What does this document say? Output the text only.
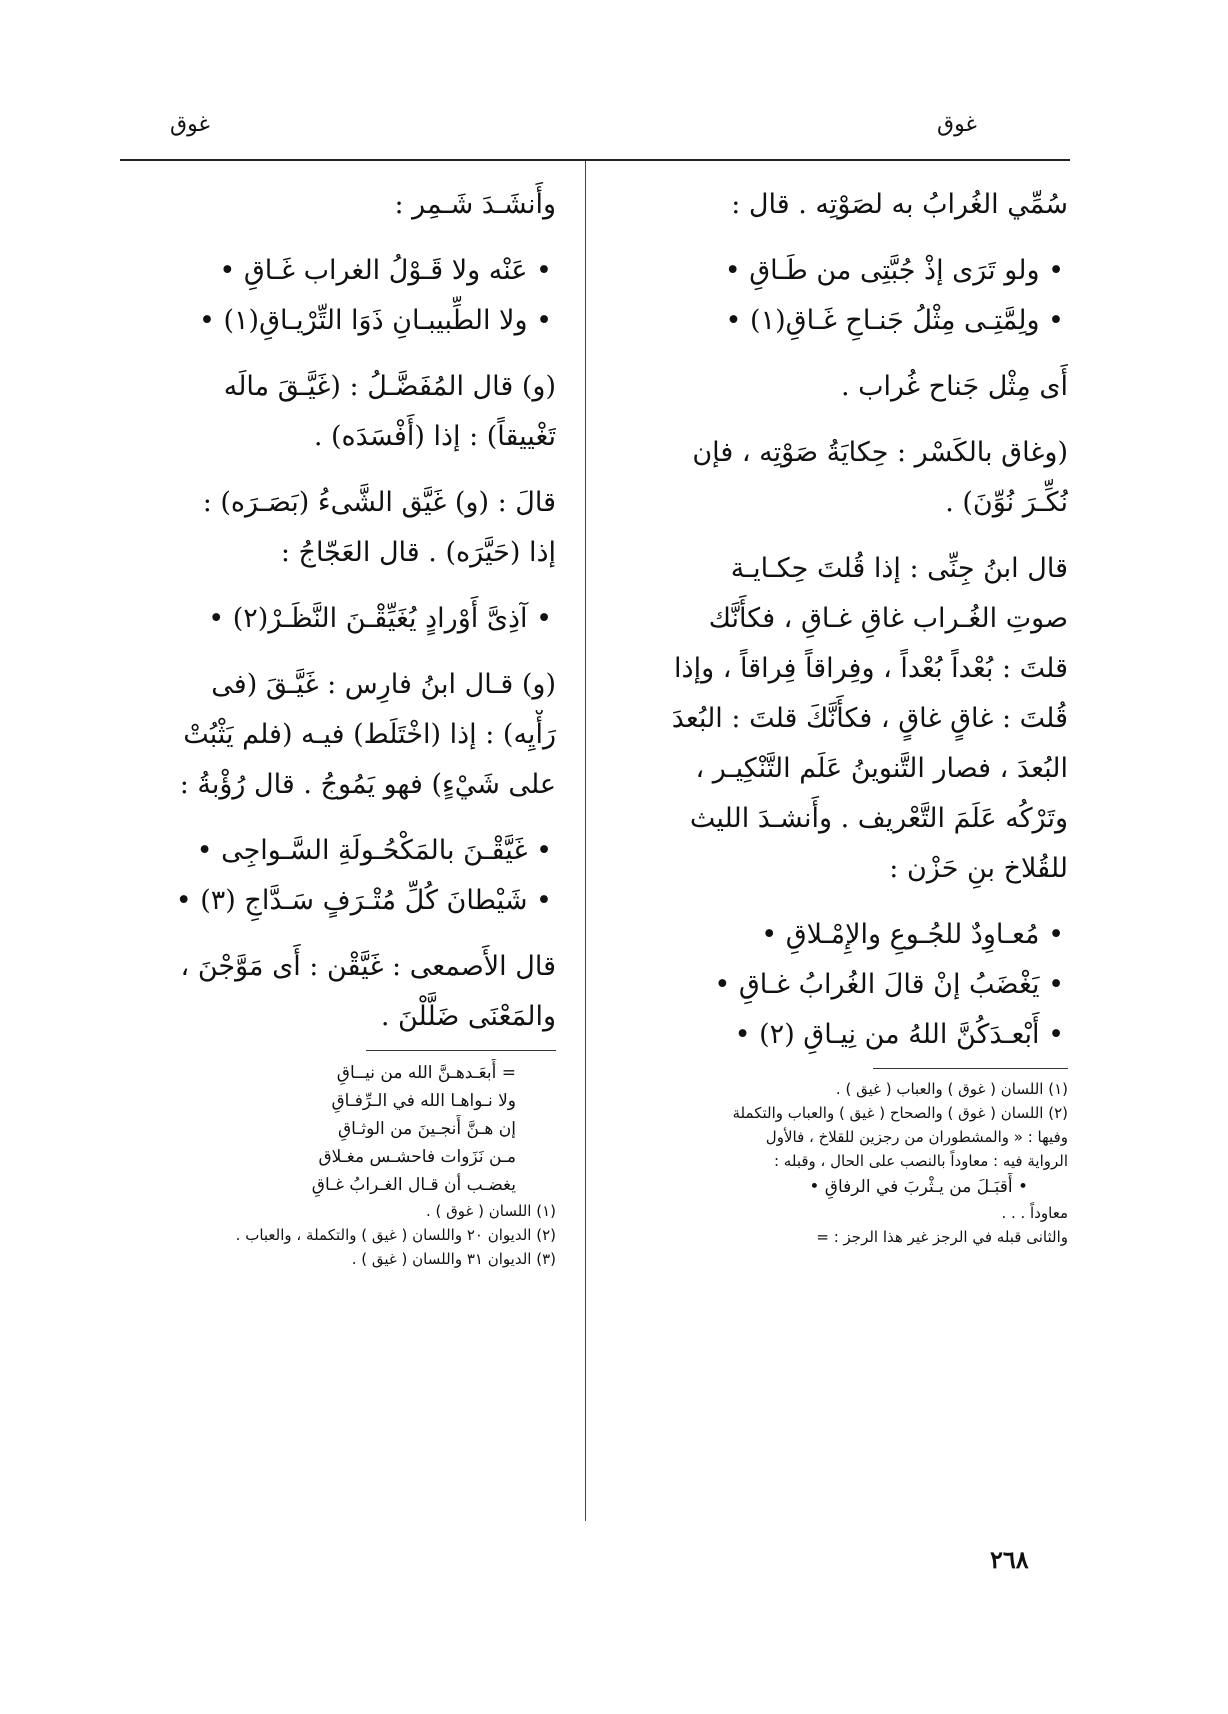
غوق
غوق
سُمِّي الغُرابُ به لصَوْتِه . قال :
• ولو تَرَى إذْ جُبَّتِى من طَـاقِ •
• ولِمَّتِـى مِثْلُ جَنـاحِ غَـاقِ(١) •
أَى مِثْل جَناح غُراب .
(وغاق بالكَسْر : حِكايَةُ صَوْتِه ، فإن
نُكِّـرَ نُوِّنَ) .
قال ابنُ جِنِّى : إذا قُلتَ حِكـايـة
صوتِ الغُـراب غاقِ غـاقِ ، فكأَنَّك
قلتَ : بُعْداً بُعْداً ، وفِراقاً فِراقاً ، وإذا
قُلتَ : غاقٍ غاقٍ ، فكأَنَّكَ قلتَ : البُعدَ
البُعدَ ، فصار التَّنوينُ عَلَم التَّنْكِيـر ،
وتَرْكُه عَلَمَ التَّعْريف . وأَنشـدَ الليث
للقُلاخ بنِ حَزْن :
• مُعـاوِدٌ للجُـوعِ والإِمْـلاقِ •
• يَغْضَبُ إنْ قالَ الغُرابُ غـاقِ •
• أَبْعـدَكُنَّ اللهُ من نِيـاقِ (٢) •
(١) اللسان ( غوق ) والعباب ( غيق ) .
(٢) اللسان ( غوق ) والصحاح ( غيق ) والعباب والتكملة
وفيها : « والمشطوران من رجزين للقلاخ ، فالأول
الرواية فيه : معاوداً بالنصب على الحال ، وقبله :
• أَقبَـلَ من يـثْربَ في الرفاقِ •
معاوداً . . .
والثانى قبله في الرجز غير هذا الرجز : =
وأَنشَـدَ شَـمِر :
• عَنْه ولا قَـوْلُ الغراب غَـاقِ •
• ولا الطِّبيبـانِ ذَوَا التِّرْيـاقِ(١) •
(و) قال المُفَضَّـلُ : (غَيَّـقَ مالَه
تَغْييقاً) : إذا (أَفْسَدَه) .
قالَ : (و) غَيَّق الشَّىءُ (بَصَـرَه) :
إذا (حَيَّرَه) . قال العَجّاجُ :
• آذِىَّ أَوْرادٍ يُغَيِّقْـنَ النَّظَـرْ(٢) •
(و) قـال ابنُ فارِس : غَيَّـقَ (فى
رَأْيِه) : إذا (اخْتَلَط) فيـه (فلم يَثْبُتْ
على شَيْءٍ) فهو يَمُوجُ . قال رُؤْبةُ :
• غَيَّقْـنَ بالمَكْحُـولَةِ السَّـواجِى •
• شَيْطانَ كُلِّ مُتْـرَفٍ سَـدَّاجِ (٣) •
قال الأَصمعى : غَيَّقْن : أَى مَوَّجْنَ ،
والمَعْنَى ضَلَّلْنَ .
= أَبعَـدهـنَّ الله من نيــاقِ
ولا نـواهـا الله في الـرِّفـاقِ
إن هـنَّ أَنجـينَ من الوثـاقِ
مـن نَزَوات فاحشـس مغـلاق
يغضـب أن قـال الغـرابُ غـاقِ
(١) اللسان ( غوق ) .
(٢) الديوان ٢٠ واللسان ( غيق ) والتكملة ، والعباب .
(٣) الديوان ٣١ واللسان ( غيق ) .
٢٦٨
